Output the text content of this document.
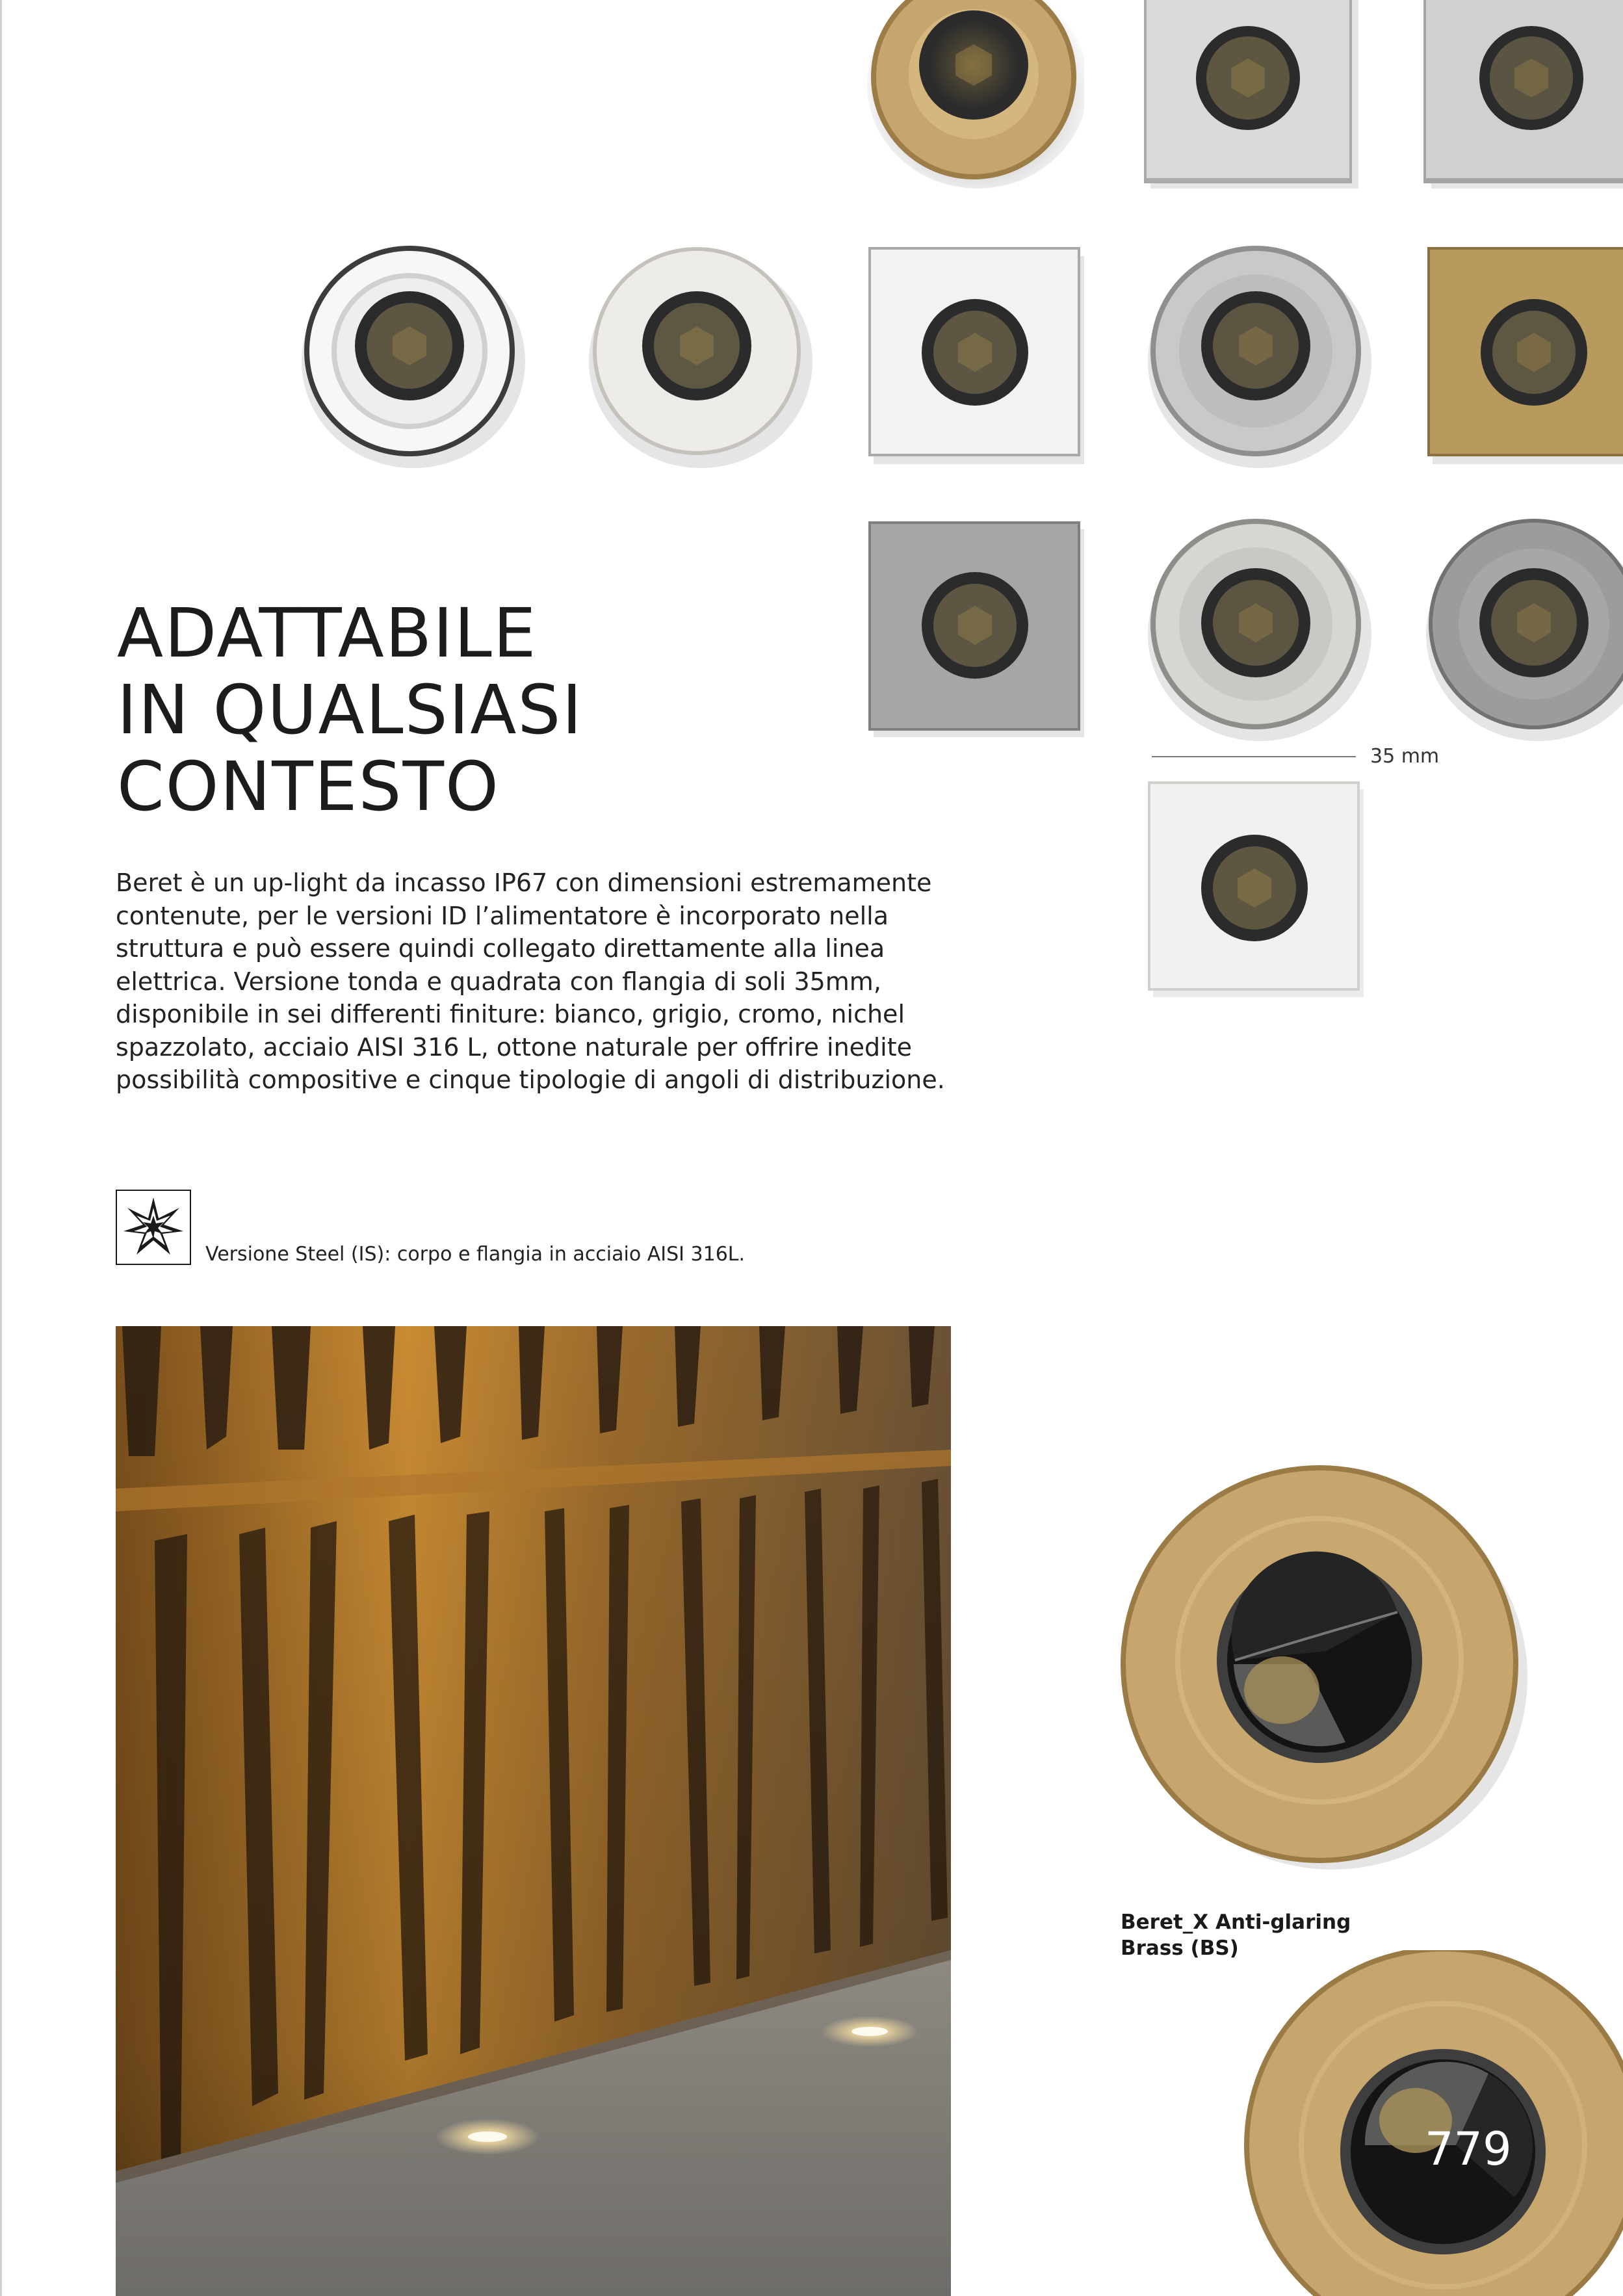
35 mm
ADATTABILE
IN QUALSIASI
CONTESTO
Beret è un up-light da incasso IP67 con dimensioni estremamente
contenute, per le versioni ID l’alimentatore è incorporato nella
struttura e può essere quindi collegato direttamente alla linea
elettrica. Versione tonda e quadrata con flangia di soli 35mm,
disponibile in sei differenti finiture: bianco, grigio, cromo, nichel
spazzolato, acciaio AISI 316 L, ottone naturale per offrire inedite
possibilità compositive e cinque tipologie di angoli di distribuzione.
Versione Steel (IS): corpo e flangia in acciaio AISI 316L.
Beret_X Anti-glaring
Brass (BS)
779
